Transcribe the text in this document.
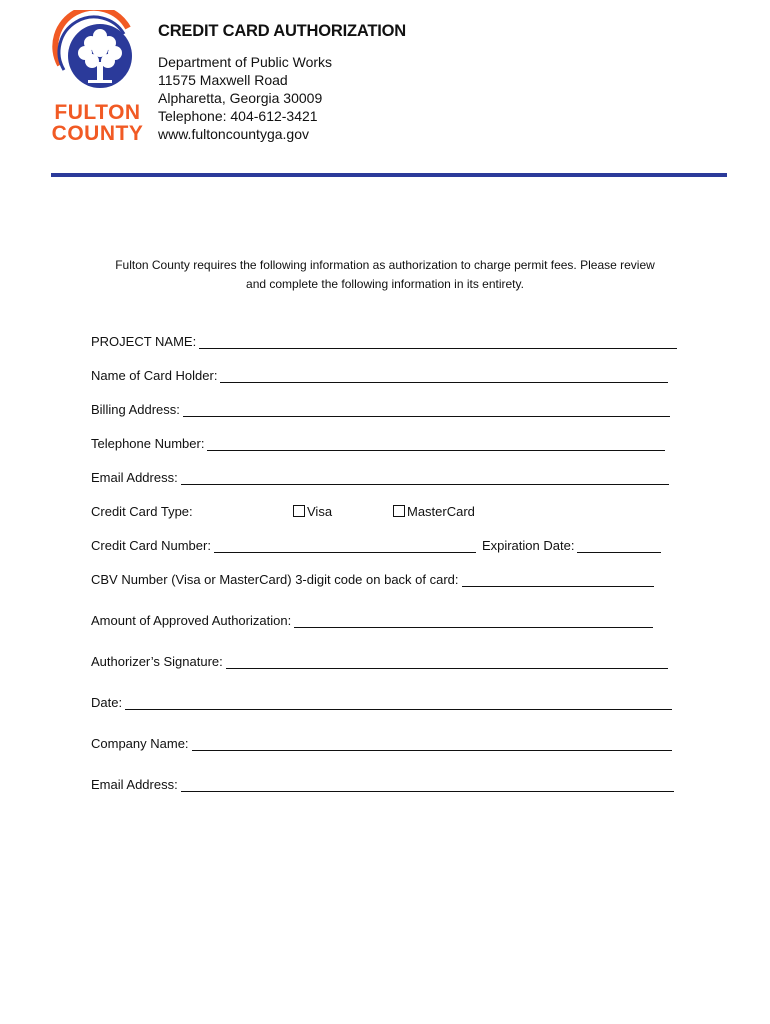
FULTON
COUNTY
CREDIT CARD AUTHORIZATION
Department of Public Works
11575 Maxwell Road
Alpharetta, Georgia 30009
Telephone: 404-612-3421
www.fultoncountyga.gov
Fulton County requires the following information as authorization to charge permit fees. Please review
and complete the following information in its entirety.
PROJECT NAME:
Name of Card Holder:
Billing Address:
Telephone Number:
Email Address:
Credit Card Type:	Visa	MasterCard
Credit Card Number:	Expiration Date:
CBV Number (Visa or MasterCard) 3-digit code on back of card:
Amount of Approved Authorization:
Authorizer’s Signature:
Date:
Company Name:
Email Address:
